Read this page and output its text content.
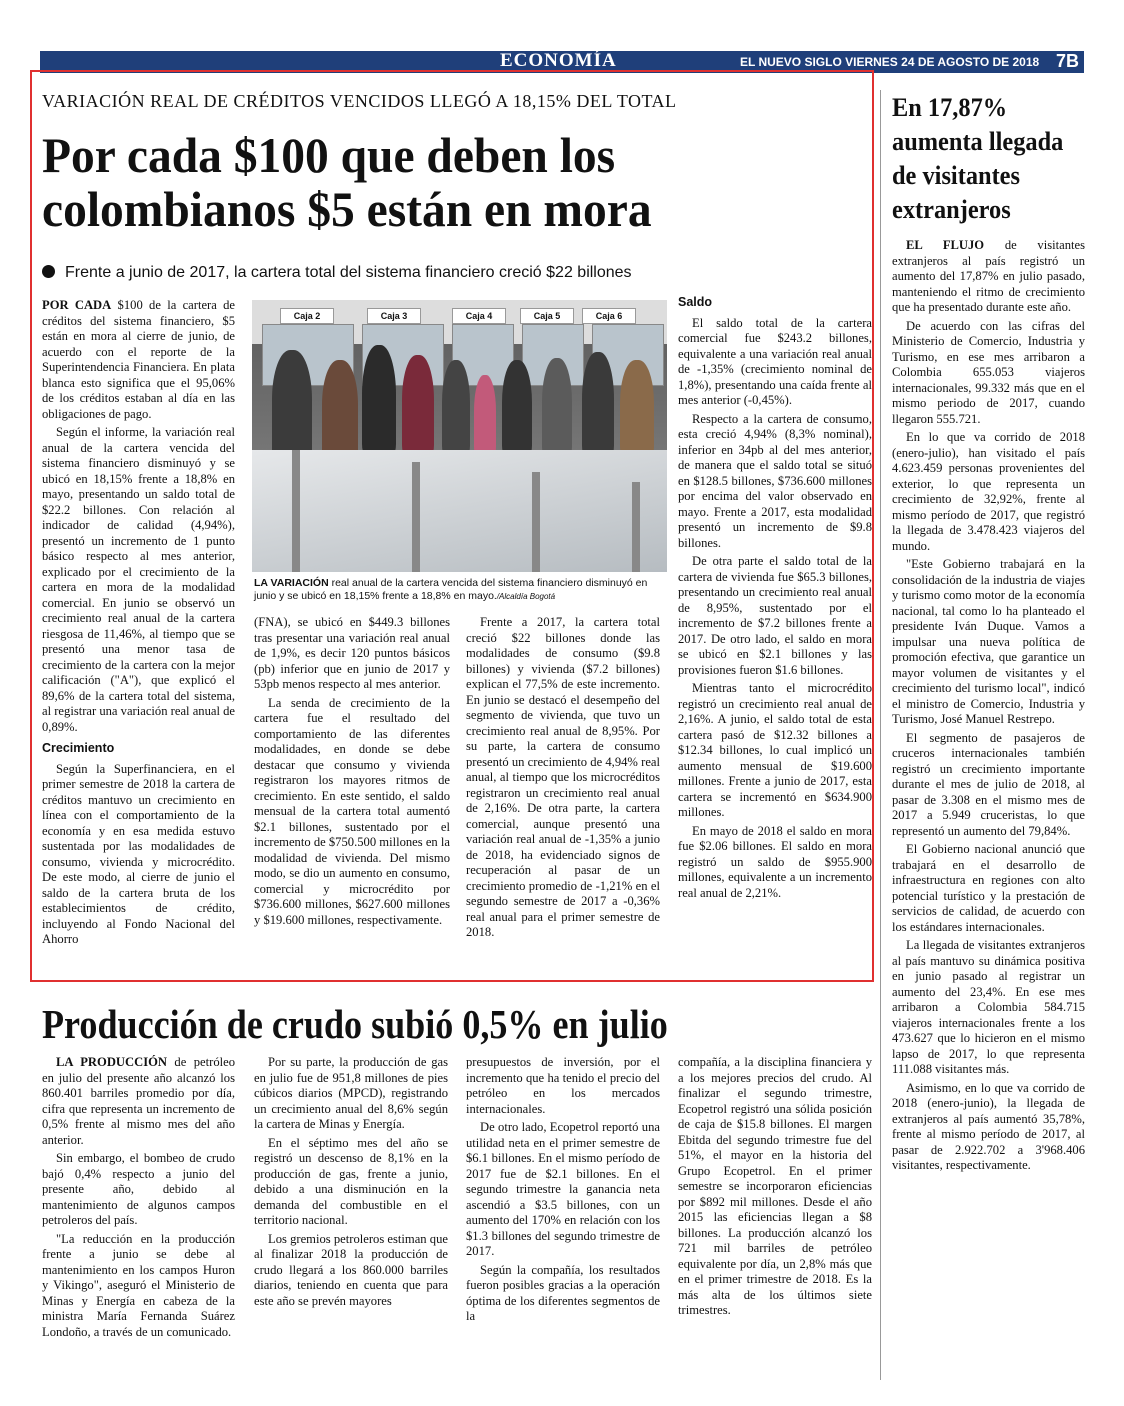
ECONOMÍA	EL NUEVO SIGLO VIERNES 24 DE AGOSTO DE 2018 7B
VARIACIÓN REAL DE CRÉDITOS VENCIDOS LLEGÓ A 18,15% DEL TOTAL
Por cada $100 que deben los
colombianos $5 están en mora
Frente a junio de 2017, la cartera total del sistema financiero creció $22 billones

POR CADA $100 de la cartera de créditos del sistema financiero, $5 están en mora al cierre de junio, de acuerdo con el reporte de la Superintendencia Financiera. En plata blanca esto significa que el 95,06% de los créditos estaban al día en las obligaciones de pago.

Según el informe, la variación real anual de la cartera vencida del sistema financiero disminuyó y se ubicó en 18,15% frente a 18,8% en mayo, presentando un saldo total de $22.2 billones. Con relación al indicador de calidad (4,94%), presentó un incremento de 1 punto básico respecto al mes anterior, explicado por el crecimiento de la cartera en mora de la modalidad comercial. En junio se observó un crecimiento real anual de la cartera riesgosa de 11,46%, al tiempo que se presentó una menor tasa de crecimiento de la cartera con la mejor calificación ("A"), que explicó el 89,6% de la cartera total del sistema, al registrar una variación real anual de 0,89%.

Crecimiento

Según la Superfinanciera, en el primer semestre de 2018 la cartera de créditos mantuvo un crecimiento en línea con el comportamiento de la economía y en esa medida estuvo sustentada por las modalidades de consumo, vivienda y microcrédito. De este modo, al cierre de junio el saldo de la cartera bruta de los establecimientos de crédito, incluyendo al Fondo Nacional del Ahorro

Caja 2	Caja 3	Caja 4	Caja 5	Caja 6
LA VARIACIÓN real anual de la cartera vencida del sistema financiero disminuyó en junio y se ubicó en 18,15% frente a 18,8% en mayo./Alcaldía Bogotá

(FNA), se ubicó en $449.3 billones tras presentar una variación real anual de 1,9%, es decir 120 puntos básicos (pb) inferior que en junio de 2017 y 53pb menos respecto al mes anterior.

La senda de crecimiento de la cartera fue el resultado del comportamiento de las diferentes modalidades, en donde se debe destacar que consumo y vivienda registraron los mayores ritmos de crecimiento. En este sentido, el saldo mensual de la cartera total aumentó $2.1 billones, sustentado por el incremento de $750.500 millones en la modalidad de vivienda. Del mismo modo, se dio un aumento en consumo, comercial y microcrédito por $736.600 millones, $627.600 millones y $19.600 millones, respectivamente.

Frente a 2017, la cartera total creció $22 billones donde las modalidades de consumo ($9.8 billones) y vivienda ($7.2 billones) explican el 77,5% de este incremento. En junio se destacó el desempeño del segmento de vivienda, que tuvo un crecimiento real anual de 8,95%. Por su parte, la cartera de consumo presentó un crecimiento de 4,94% real anual, al tiempo que los microcréditos registraron un crecimiento real anual de 2,16%. De otra parte, la cartera comercial, aunque presentó una variación real anual de -1,35% a junio de 2018, ha evidenciado signos de recuperación al pasar de un crecimiento promedio de -1,21% en el segundo semestre de 2017 a -0,36% real anual para el primer semestre de 2018.

Saldo

El saldo total de la cartera comercial fue $243.2 billones, equivalente a una variación real anual de -1,35% (crecimiento nominal de 1,8%), presentando una caída frente al mes anterior (-0,45%).

Respecto a la cartera de consumo, esta creció 4,94% (8,3% nominal), inferior en 34pb al del mes anterior, de manera que el saldo total se situó en $128.5 billones, $736.600 millones por encima del valor observado en mayo. Frente a 2017, esta modalidad presentó un incremento de $9.8 billones.

De otra parte el saldo total de la cartera de vivienda fue $65.3 billones, presentando un crecimiento real anual de 8,95%, sustentado por el incremento de $7.2 billones frente a 2017. De otro lado, el saldo en mora se ubicó en $2.1 billones y las provisiones fueron $1.6 billones.

Mientras tanto el microcrédito registró un crecimiento real anual de 2,16%. A junio, el saldo total de esta cartera pasó de $12.32 billones a $12.34 billones, lo cual implicó un aumento mensual de $19.600 millones. Frente a junio de 2017, esta cartera se incrementó en $634.900 millones.

En mayo de 2018 el saldo en mora fue $2.06 billones. El saldo en mora registró un saldo de $955.900 millones, equivalente a un incremento real anual de 2,21%.

En 17,87% aumenta llegada de visitantes extranjeros

EL FLUJO de visitantes extranjeros al país registró un aumento del 17,87% en julio pasado, manteniendo el ritmo de crecimiento que ha presentado durante este año.

De acuerdo con las cifras del Ministerio de Comercio, Industria y Turismo, en ese mes arribaron a Colombia 655.053 viajeros internacionales, 99.332 más que en el mismo periodo de 2017, cuando llegaron 555.721.

En lo que va corrido de 2018 (enero-julio), han visitado el país 4.623.459 personas provenientes del exterior, lo que representa un crecimiento de 32,92%, frente al mismo período de 2017, que registró la llegada de 3.478.423 viajeros del mundo.

"Este Gobierno trabajará en la consolidación de la industria de viajes y turismo como motor de la economía nacional, tal como lo ha planteado el presidente Iván Duque. Vamos a impulsar una nueva política de promoción efectiva, que garantice un mayor volumen de visitantes y el crecimiento del turismo local", indicó el ministro de Comercio, Industria y Turismo, José Manuel Restrepo.

El segmento de pasajeros de cruceros internacionales también registró un crecimiento importante durante el mes de julio de 2018, al pasar de 3.308 en el mismo mes de 2017 a 5.949 cruceristas, lo que representó un aumento del 79,84%.

El Gobierno nacional anunció que trabajará en el desarrollo de infraestructura en regiones con alto potencial turístico y la prestación de servicios de calidad, de acuerdo con los estándares internacionales.

La llegada de visitantes extranjeros al país mantuvo su dinámica positiva en junio pasado al registrar un aumento del 23,4%. En ese mes arribaron a Colombia 584.715 viajeros internacionales frente a los 473.627 que lo hicieron en el mismo lapso de 2017, lo que representa 111.088 visitantes más.

Asimismo, en lo que va corrido de 2018 (enero-junio), la llegada de extranjeros al país aumentó 35,78%, frente al mismo período de 2017, al pasar de 2.922.702 a 3'968.406 visitantes, respectivamente.

Producción de crudo subió 0,5% en julio

LA PRODUCCIÓN de petróleo en julio del presente año alcanzó los 860.401 barriles promedio por día, cifra que representa un incremento de 0,5% frente al mismo mes del año anterior.

Sin embargo, el bombeo de crudo bajó 0,4% respecto a junio del presente año, debido al mantenimiento de algunos campos petroleros del país.

"La reducción en la producción frente a junio se debe al mantenimiento en los campos Huron y Vikingo", aseguró el Ministerio de Minas y Energía en cabeza de la ministra María Fernanda Suárez Londoño, a través de un comunicado.

Por su parte, la producción de gas en julio fue de 951,8 millones de pies cúbicos diarios (MPCD), registrando un crecimiento anual del 8,6% según la cartera de Minas y Energía.

En el séptimo mes del año se registró un descenso de 8,1% en la producción de gas, frente a junio, debido a una disminución en la demanda del combustible en el territorio nacional.

Los gremios petroleros estiman que al finalizar 2018 la producción de crudo llegará a los 860.000 barriles diarios, teniendo en cuenta que para este año se prevén mayores

presupuestos de inversión, por el incremento que ha tenido el precio del petróleo en los mercados internacionales.

De otro lado, Ecopetrol reportó una utilidad neta en el primer semestre de $6.1 billones. En el mismo período de 2017 fue de $2.1 billones. En el segundo trimestre la ganancia neta ascendió a $3.5 billones, con un aumento del 170% en relación con los $1.3 billones del segundo trimestre de 2017.

Según la compañía, los resultados fueron posibles gracias a la operación óptima de los diferentes segmentos de la

compañía, a la disciplina financiera y a los mejores precios del crudo. Al finalizar el segundo trimestre, Ecopetrol registró una sólida posición de caja de $15.8 billones. El margen Ebitda del segundo trimestre fue del 51%, el mayor en la historia del Grupo Ecopetrol. En el primer semestre se incorporaron eficiencias por $892 mil millones. Desde el año 2015 las eficiencias llegan a $8 billones. La producción alcanzó los 721 mil barriles de petróleo equivalente por día, un 2,8% más que en el primer trimestre de 2018. Es la más alta de los últimos siete trimestres.
